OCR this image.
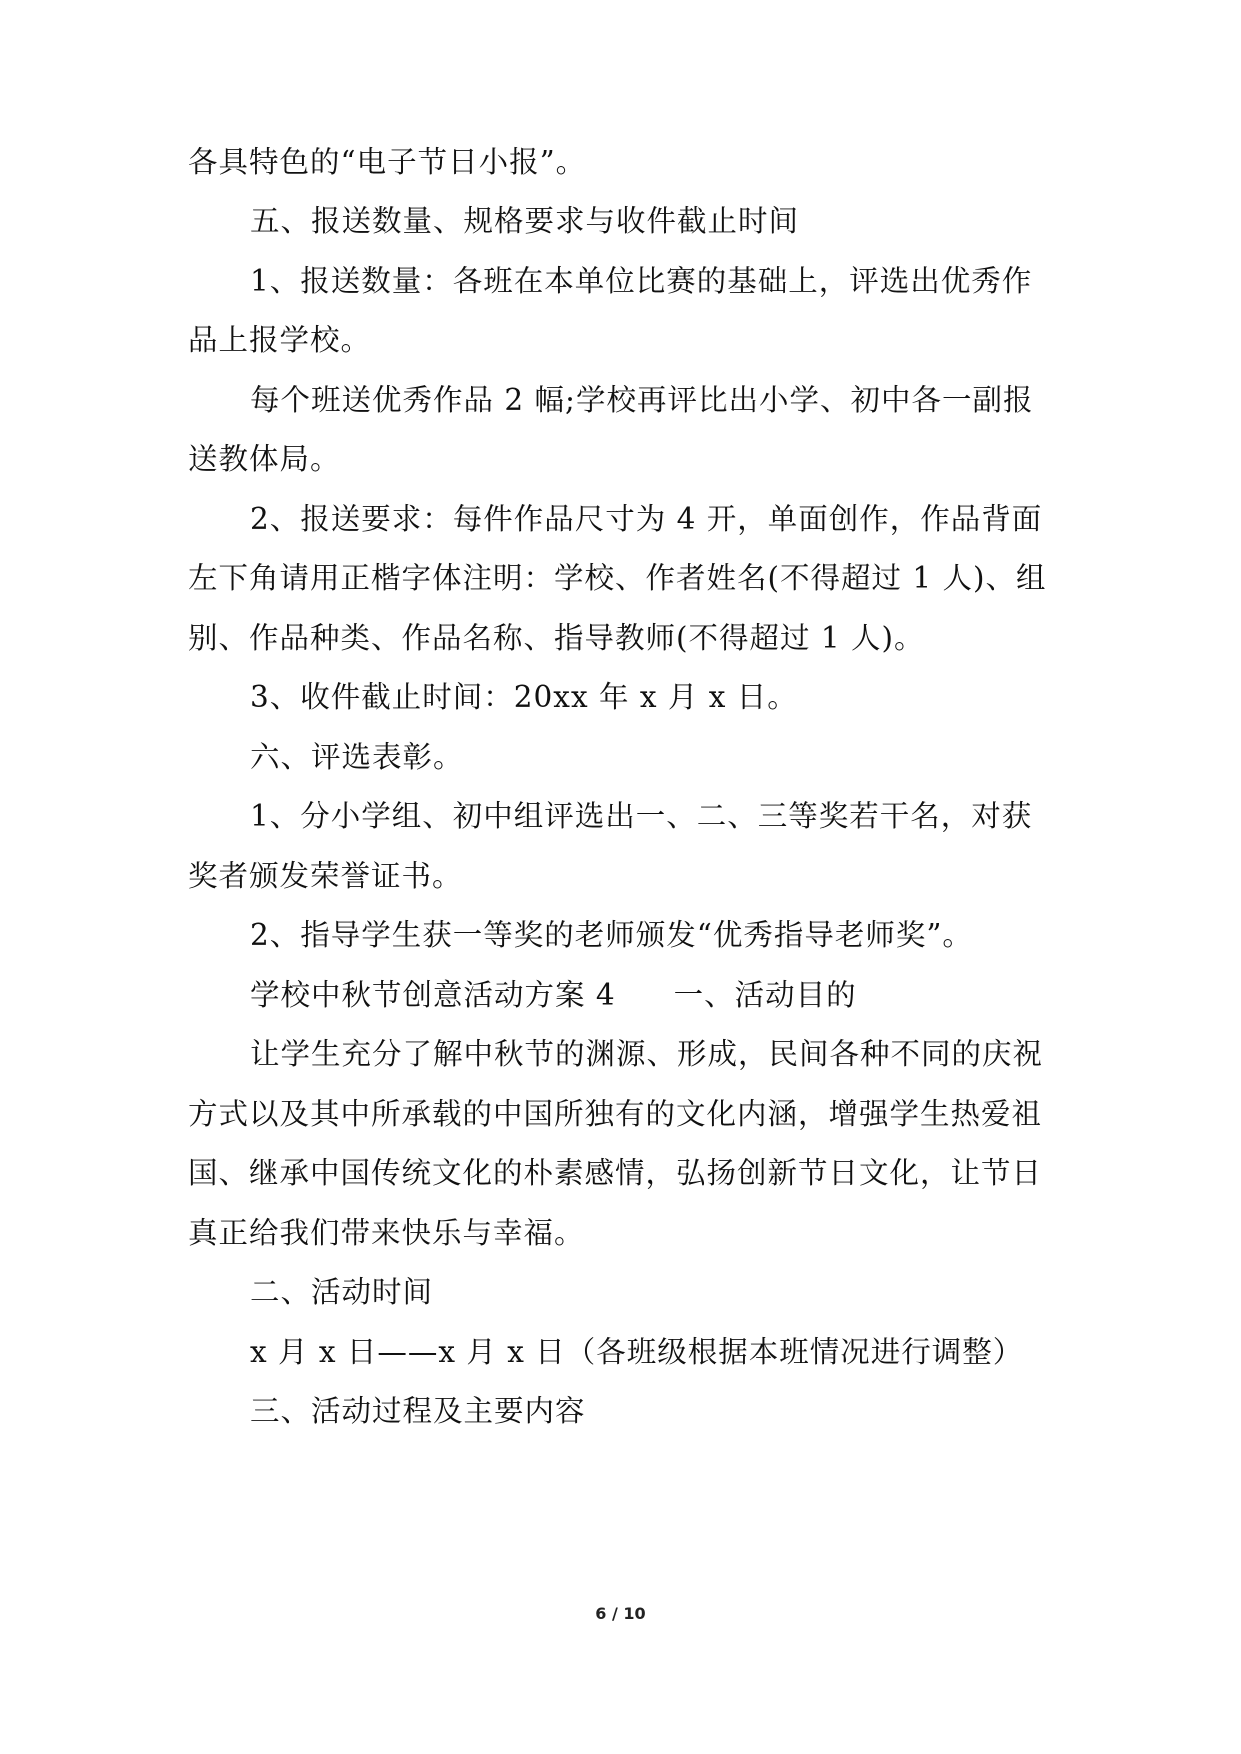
各具特色的“电子节日小报”。
五、报送数量、规格要求与收件截止时间
1、报送数量：各班在本单位比赛的基础上，评选出优秀作
品上报学校。
每个班送优秀作品 2 幅;学校再评比出小学、初中各一副报
送教体局。
2、报送要求：每件作品尺寸为 4 开，单面创作，作品背面
左下角请用正楷字体注明：学校、作者姓名(不得超过 1 人)、组
别、作品种类、作品名称、指导教师(不得超过 1 人)。
3、收件截止时间：20xx 年 x 月 x 日。
六、评选表彰。
1、分小学组、初中组评选出一、二、三等奖若干名，对获
奖者颁发荣誉证书。
2、指导学生获一等奖的老师颁发“优秀指导老师奖”。
学校中秋节创意活动方案 4 一、活动目的
让学生充分了解中秋节的渊源、形成，民间各种不同的庆祝
方式以及其中所承载的中国所独有的文化内涵，增强学生热爱祖
国、继承中国传统文化的朴素感情，弘扬创新节日文化，让节日
真正给我们带来快乐与幸福。
二、活动时间
x 月 x 日——x 月 x 日（各班级根据本班情况进行调整）
三、活动过程及主要内容
6 / 10
